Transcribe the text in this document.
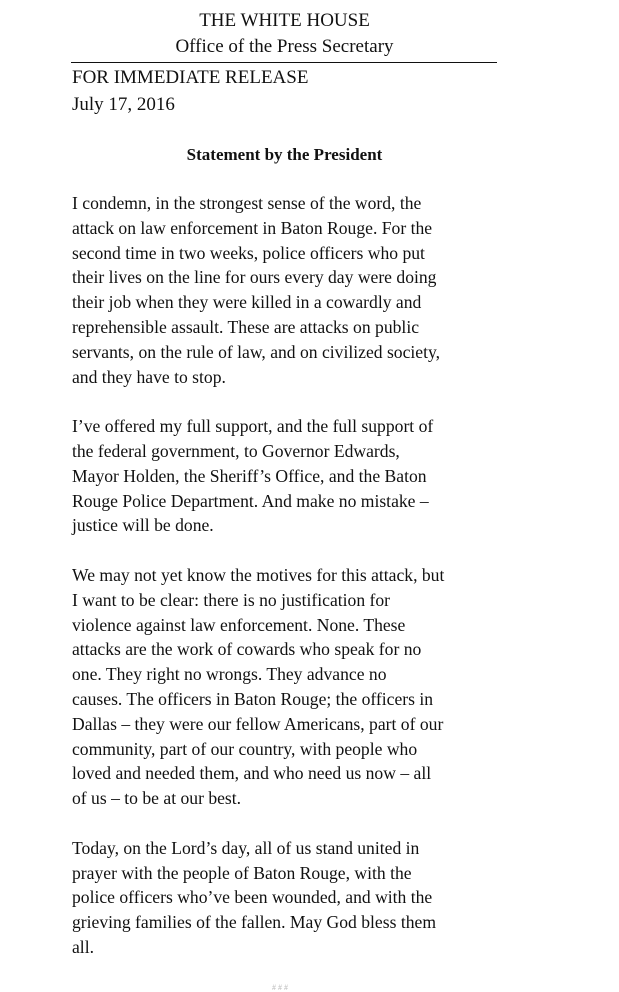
THE WHITE HOUSE
Office of the Press Secretary
FOR IMMEDIATE RELEASE
July 17, 2016
Statement by the President
I condemn, in the strongest sense of the word, the
attack on law enforcement in Baton Rouge. For the
second time in two weeks, police officers who put
their lives on the line for ours every day were doing
their job when they were killed in a cowardly and
reprehensible assault. These are attacks on public
servants, on the rule of law, and on civilized society,
and they have to stop.
I’ve offered my full support, and the full support of
the federal government, to Governor Edwards,
Mayor Holden, the Sheriff’s Office, and the Baton
Rouge Police Department. And make no mistake –
justice will be done.
We may not yet know the motives for this attack, but
I want to be clear: there is no justification for
violence against law enforcement. None. These
attacks are the work of cowards who speak for no
one. They right no wrongs. They advance no
causes. The officers in Baton Rouge; the officers in
Dallas – they were our fellow Americans, part of our
community, part of our country, with people who
loved and needed them, and who need us now – all
of us – to be at our best.
Today, on the Lord’s day, all of us stand united in
prayer with the people of Baton Rouge, with the
police officers who’ve been wounded, and with the
grieving families of the fallen. May God bless them
all.
###
